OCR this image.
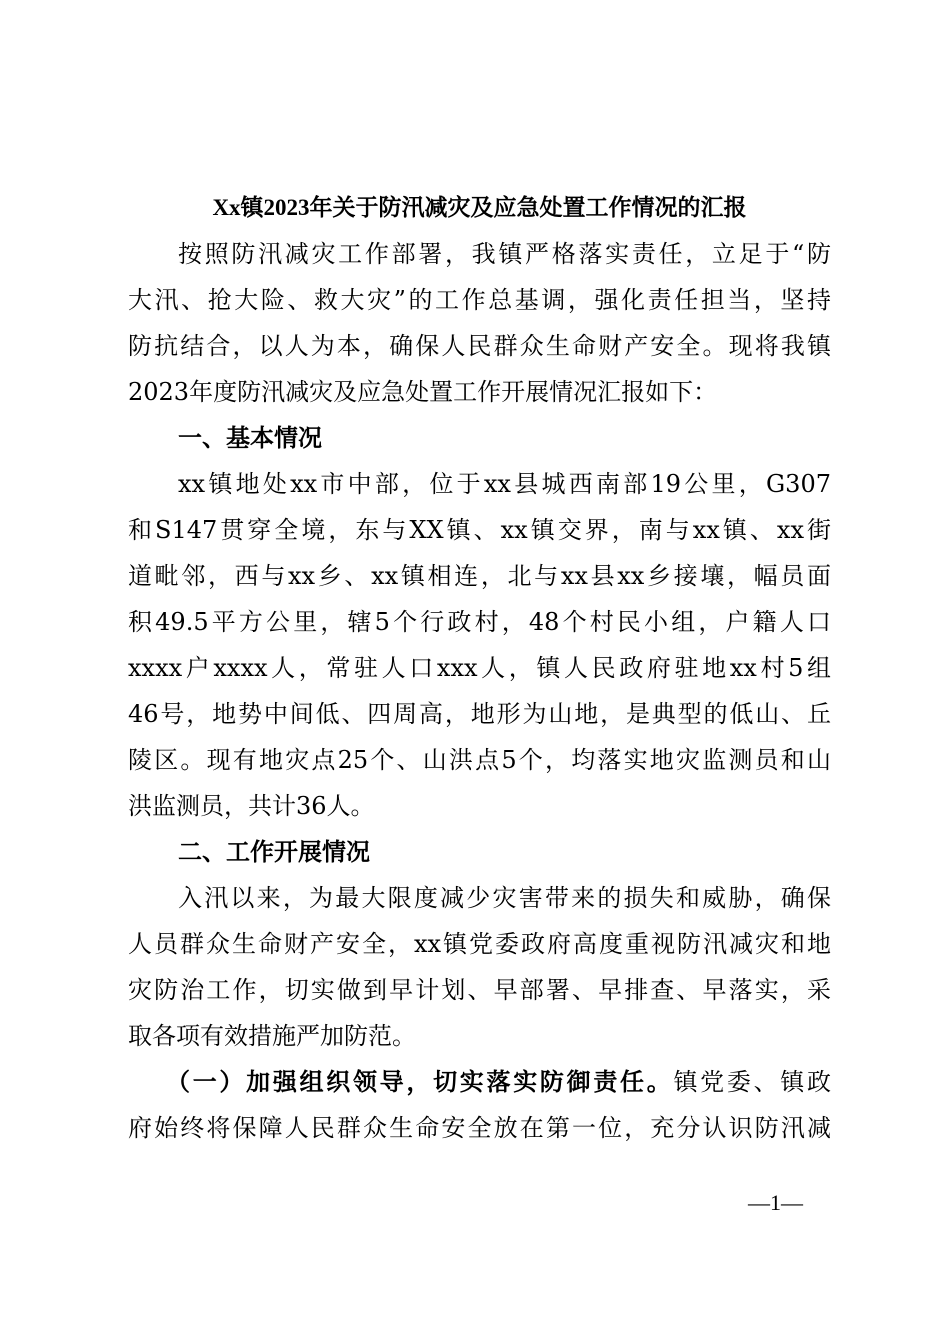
Xx镇2023年关于防汛减灾及应急处置工作情况的汇报
按照防汛减灾工作部署，我镇严格落实责任，立足于“防
大汛、抢大险、救大灾”的工作总基调，强化责任担当，坚持
防抗结合，以人为本，确保人民群众生命财产安全。现将我镇
2023年度防汛减灾及应急处置工作开展情况汇报如下：
一、基本情况
xx镇地处xx市中部，位于xx县城西南部19公里，G307
和S147贯穿全境，东与XX镇、xx镇交界，南与xx镇、xx街
道毗邻，西与xx乡、xx镇相连，北与xx县xx乡接壤，幅员面
积49.5平方公里，辖5个行政村，48个村民小组，户籍人口
xxxx户xxxx人，常驻人口xxx人，镇人民政府驻地xx村5组
46号，地势中间低、四周高，地形为山地，是典型的低山、丘
陵区。现有地灾点25个、山洪点5个，均落实地灾监测员和山
洪监测员，共计36人。
二、工作开展情况
入汛以来，为最大限度减少灾害带来的损失和威胁，确保
人员群众生命财产安全，xx镇党委政府高度重视防汛减灾和地
灾防治工作，切实做到早计划、早部署、早排查、早落实，采
取各项有效措施严加防范。
（一）加强组织领导，切实落实防御责任。镇党委、镇政
府始终将保障人民群众生命安全放在第一位，充分认识防汛减
—1—
